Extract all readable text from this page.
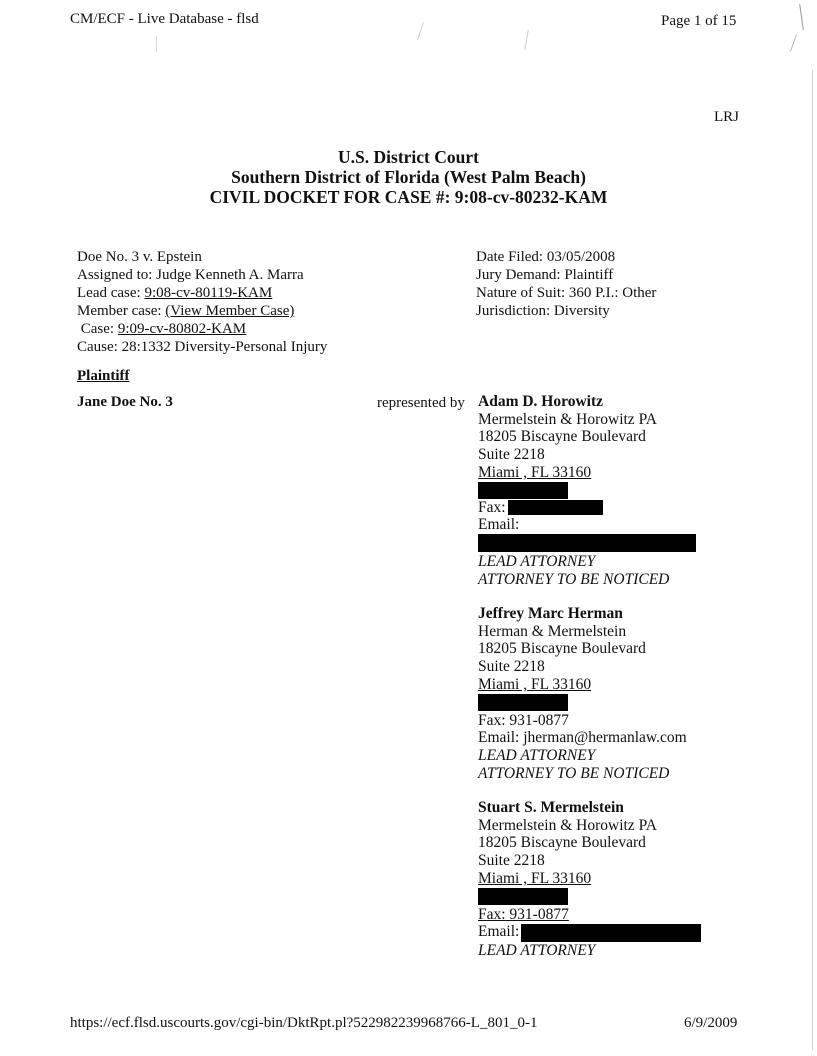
CM/ECF - Live Database - flsd	Page 1 of 15
LRJ
U.S. District Court
Southern District of Florida (West Palm Beach)
CIVIL DOCKET FOR CASE #: 9:08-cv-80232-KAM
Doe No. 3 v. Epstein
Assigned to: Judge Kenneth A. Marra
Lead case: 9:08-cv-80119-KAM
Member case: (View Member Case)
Case: 9:09-cv-80802-KAM
Cause: 28:1332 Diversity-Personal Injury
Date Filed: 03/05/2008
Jury Demand: Plaintiff
Nature of Suit: 360 P.I.: Other
Jurisdiction: Diversity
Plaintiff
Jane Doe No. 3	represented by Adam D. Horowitz
Mermelstein & Horowitz PA
18205 Biscayne Boulevard
Suite 2218
Miami , FL 33160
Fax:
Email:
LEAD ATTORNEY
ATTORNEY TO BE NOTICED
Jeffrey Marc Herman
Herman & Mermelstein
18205 Biscayne Boulevard
Suite 2218
Miami , FL 33160
Fax: 931-0877
Email: jherman@hermanlaw.com
LEAD ATTORNEY
ATTORNEY TO BE NOTICED
Stuart S. Mermelstein
Mermelstein & Horowitz PA
18205 Biscayne Boulevard
Suite 2218
Miami , FL 33160
Fax: 931-0877
Email:
LEAD ATTORNEY
https://ecf.flsd.uscourts.gov/cgi-bin/DktRpt.pl?522982239968766-L_801_0-1	6/9/2009
